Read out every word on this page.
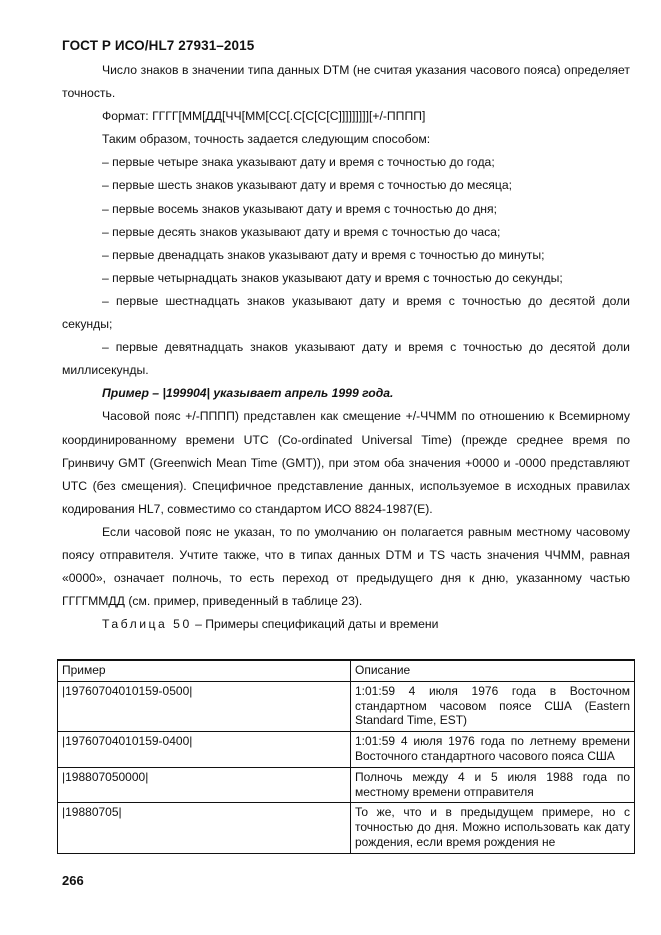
ГОСТ Р ИСО/HL7 27931–2015

Число знаков в значении типа данных DTM (не считая указания часового пояса) определяет точность.

Формат: ГГГГ[ММ[ДД[ЧЧ[ММ[СС[.С[С[С[С]]]]]]]]][+/-ПППП]

Таким образом, точность задается следующим способом:

– первые четыре знака указывают дату и время с точностью до года;

– первые шесть знаков указывают дату и время с точностью до месяца;

– первые восемь знаков указывают дату и время с точностью до дня;

– первые десять знаков указывают дату и время с точностью до часа;

– первые двенадцать знаков указывают дату и время с точностью до минуты;

– первые четырнадцать знаков указывают дату и время с точностью до секунды;

– первые шестнадцать знаков указывают дату и время с точностью до десятой доли секунды;

– первые девятнадцать знаков указывают дату и время с точностью до десятой доли миллисекунды.

Пример – |199904| указывает апрель 1999 года.

Часовой пояс +/-ПППП) представлен как смещение +/-ЧЧММ по отношению к Всемирному координированному времени UTC (Co-ordinated Universal Time) (прежде среднее время по Гринвичу GMT (Greenwich Mean Time (GMT)), при этом оба значения +0000 и -0000 представляют UTC (без смещения). Специфичное представление данных, используемое в исходных правилах кодирования HL7, совместимо со стандартом ИСО 8824-1987(Е).

Если часовой пояс не указан, то по умолчанию он полагается равным местному часовому поясу отправителя. Учтите также, что в типах данных DTM и TS часть значения ЧЧММ, равная «0000», означает полночь, то есть переход от предыдущего дня к дню, указанному частью ГГГГММДД (см. пример, приведенный в таблице 23).

Таблица 50 – Примеры спецификаций даты и времени

Пример	Описание
|19760704010159-0500|	1:01:59 4 июля 1976 года в Восточном стандартном часовом поясе США (Eastern Standard Time, EST)
|19760704010159-0400|	1:01:59 4 июля 1976 года по летнему времени Восточного стандартного часового пояса США
|198807050000|	Полночь между 4 и 5 июля 1988 года по местному времени отправителя
|19880705|	То же, что и в предыдущем примере, но с точностью до дня. Можно использовать как дату рождения, если время рождения не
266
